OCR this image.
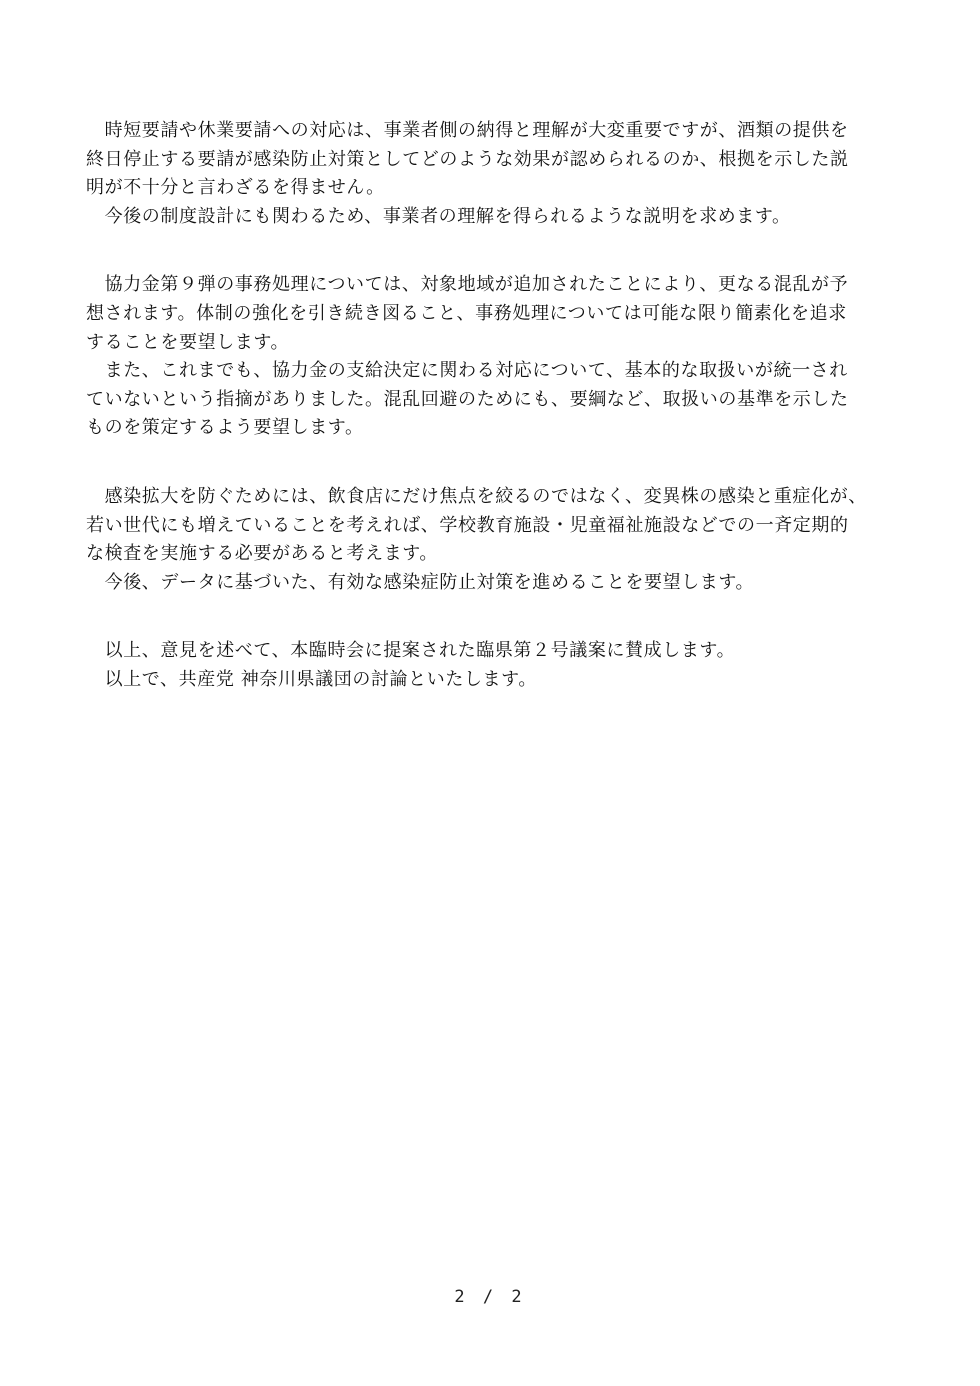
　時短要請や休業要請への対応は、事業者側の納得と理解が大変重要ですが、酒類の提供を
終日停止する要請が感染防止対策としてどのような効果が認められるのか、根拠を示した説
明が不十分と言わざるを得ません。
　今後の制度設計にも関わるため、事業者の理解を得られるような説明を求めます。
　協力金第９弾の事務処理については、対象地域が追加されたことにより、更なる混乱が予
想されます。体制の強化を引き続き図ること、事務処理については可能な限り簡素化を追求
することを要望します。
　また、これまでも、協力金の支給決定に関わる対応について、基本的な取扱いが統一され
ていないという指摘がありました。混乱回避のためにも、要綱など、取扱いの基準を示した
ものを策定するよう要望します。
　感染拡大を防ぐためには、飲食店にだけ焦点を絞るのではなく、変異株の感染と重症化が、
若い世代にも増えていることを考えれば、学校教育施設・児童福祉施設などでの一斉定期的
な検査を実施する必要があると考えます。
　今後、データに基づいた、有効な感染症防止対策を進めることを要望します。
　以上、意見を述べて、本臨時会に提案された臨県第２号議案に賛成します。
　以上で、共産党 神奈川県議団の討論といたします。
2 / 2
